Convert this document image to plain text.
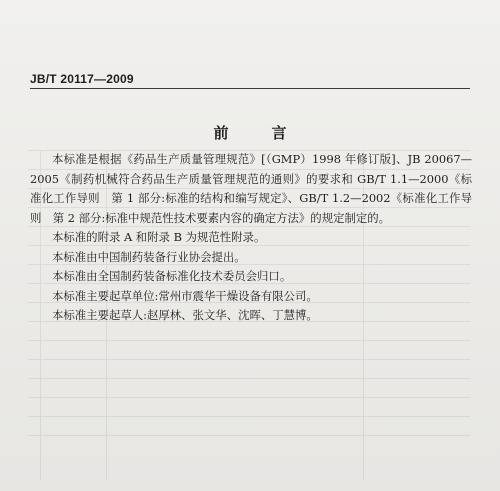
JB/T 20117—2009
前　言

本标准是根据《药品生产质量管理规范》[（GMP）1998 年修订版]、JB 20067—2005《制药机械符合药品生产质量管理规范的通则》的要求和 GB/T 1.1—2000《标准化工作导则　第 1 部分:标准的结构和编写规定》、GB/T 1.2—2002《标准化工作导则　第 2 部分:标准中规范性技术要素内容的确定方法》的规定制定的。

本标准的附录 A 和附录 B 为规范性附录。

本标准由中国制药装备行业协会提出。

本标准由全国制药装备标准化技术委员会归口。

本标准主要起草单位:常州市震华干燥设备有限公司。

本标准主要起草人:赵厚林、张文华、沈晖、丁慧博。
